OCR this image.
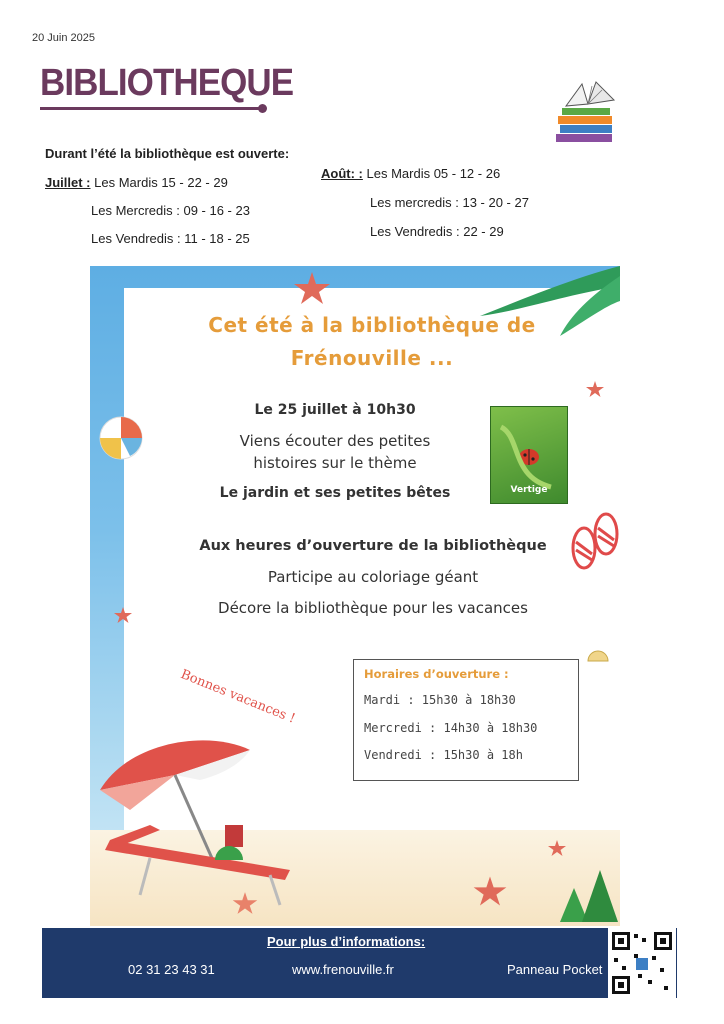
20 Juin 2025
BIBLIOTHEQUE
Durant l’été la bibliothèque est ouverte:
Juillet : Les Mardis 15 - 22 - 29
Les Mercredis : 09 - 16 - 23
Les Vendredis : 11 - 18 - 25
Août: : Les Mardis 05 - 12 - 26
Les mercredis : 13 - 20 - 27
Les Vendredis : 22 - 29
Cet été à la bibliothèque de
Frénouville ...
Le 25 juillet à 10h30
Viens écouter des petites
histoires sur le thème
Le jardin et ses petites bêtes	Vertige
Aux heures d’ouverture de la bibliothèque
Participe au coloriage géant
Décore la bibliothèque pour les vacances
Bonnes vacances !	Horaires d’ouverture :
Mardi : 15h30 à 18h30
Mercredi : 14h30 à 18h30
Vendredi : 15h30 à 18h
Pour plus d’informations:
02 31 23 43 31	www.frenouville.fr	Panneau Pocket
